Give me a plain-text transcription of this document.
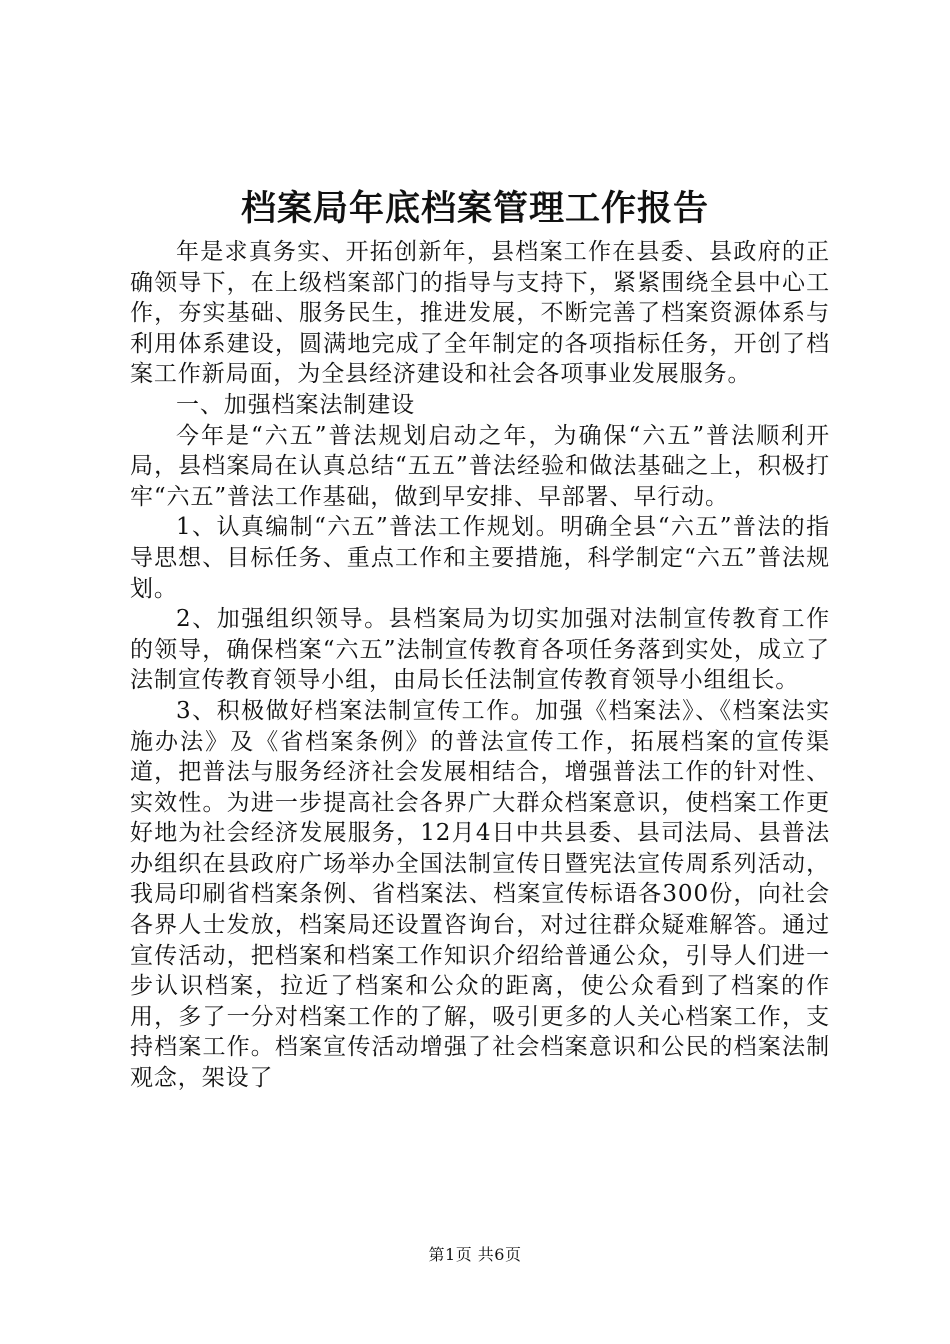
档案局年底档案管理工作报告

年是求真务实、开拓创新年，县档案工作在县委、县政府的正确领导下，在上级档案部门的指导与支持下，紧紧围绕全县中心工作，夯实基础、服务民生，推进发展，不断完善了档案资源体系与利用体系建设，圆满地完成了全年制定的各项指标任务，开创了档案工作新局面，为全县经济建设和社会各项事业发展服务。

一、加强档案法制建设

今年是“六五”普法规划启动之年，为确保“六五”普法顺利开局，县档案局在认真总结“五五”普法经验和做法基础之上，积极打牢“六五”普法工作基础，做到早安排、早部署、早行动。

1、认真编制“六五”普法工作规划。明确全县“六五”普法的指导思想、目标任务、重点工作和主要措施，科学制定“六五”普法规划。

2、加强组织领导。县档案局为切实加强对法制宣传教育工作的领导，确保档案“六五”法制宣传教育各项任务落到实处，成立了法制宣传教育领导小组，由局长任法制宣传教育领导小组组长。

3、积极做好档案法制宣传工作。加强《档案法》、《档案法实施办法》及《省档案条例》的普法宣传工作，拓展档案的宣传渠道，把普法与服务经济社会发展相结合，增强普法工作的针对性、实效性。为进一步提高社会各界广大群众档案意识，使档案工作更好地为社会经济发展服务，12月4日中共县委、县司法局、县普法办组织在县政府广场举办全国法制宣传日暨宪法宣传周系列活动，我局印刷省档案条例、省档案法、档案宣传标语各300份，向社会各界人士发放，档案局还设置咨询台，对过往群众疑难解答。通过宣传活动，把档案和档案工作知识介绍给普通公众，引导人们进一步认识档案，拉近了档案和公众的距离，使公众看到了档案的作用，多了一分对档案工作的了解，吸引更多的人关心档案工作，支持档案工作。档案宣传活动增强了社会档案意识和公民的档案法制观念，架设了

第1页 共6页
